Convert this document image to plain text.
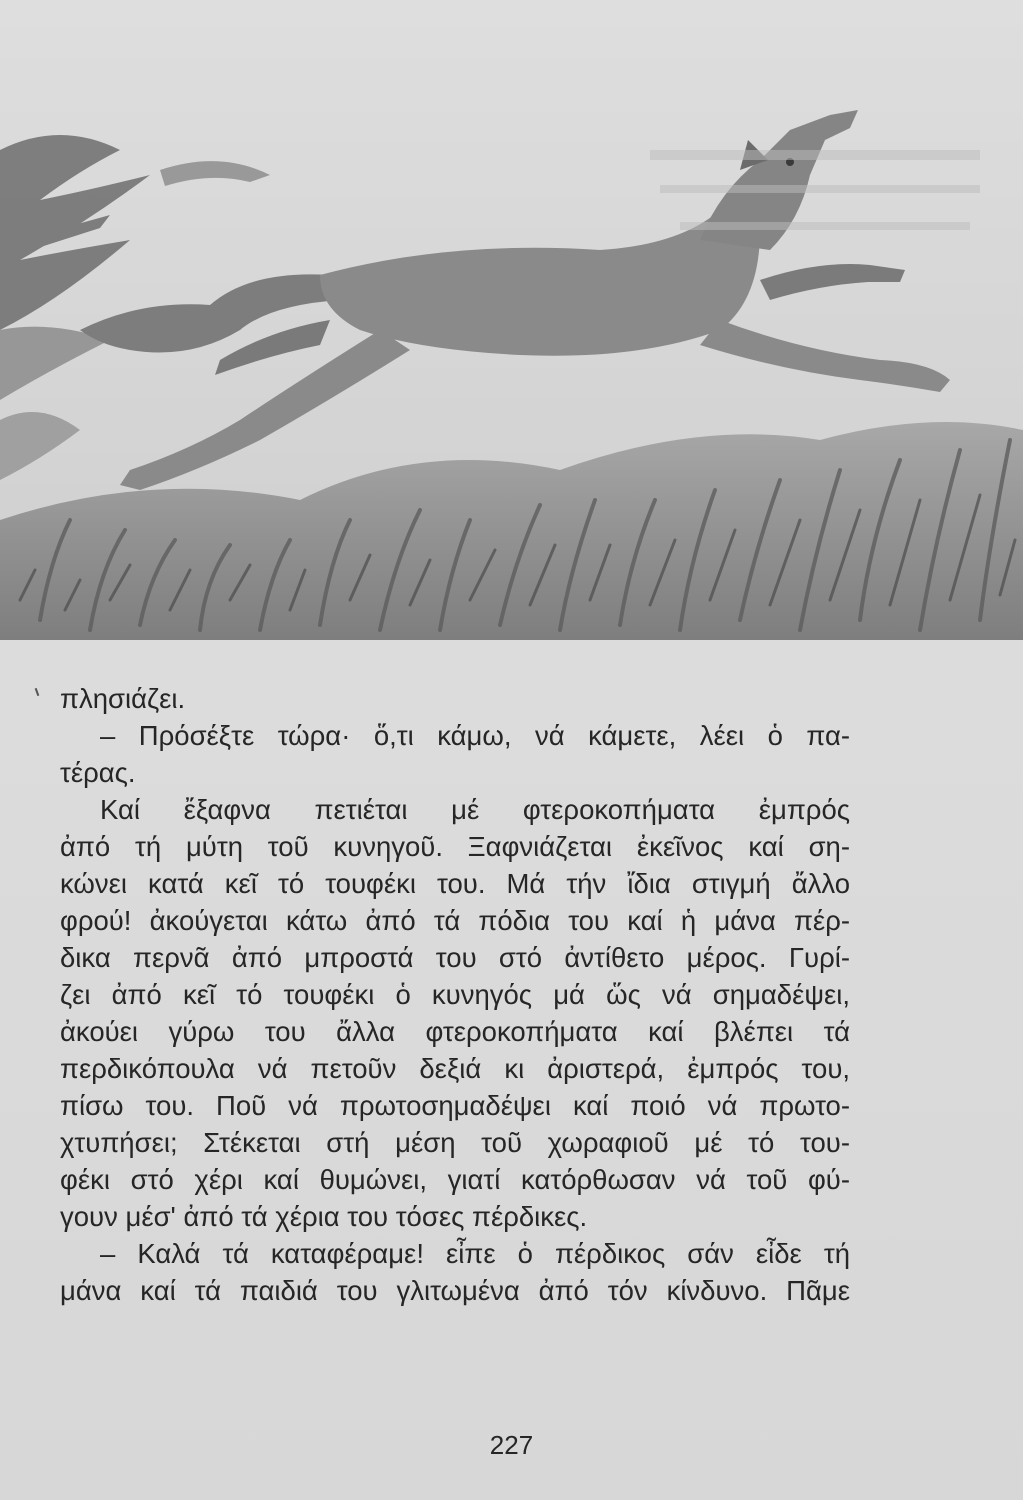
πλησιάζει.
– Πρόσέξτε τώρα· ὅ,τι κάμω, νά κάμετε, λέει ὁ πα-
τέρας.
Καί ἔξαφνα πετιέται μέ φτεροκοπήματα ἐμπρός
ἀπό τή μύτη τοῦ κυνηγοῦ. Ξαφνιάζεται ἐκεῖνος καί ση-
κώνει κατά κεῖ τό τουφέκι του. Μά τήν ἴδια στιγμή ἄλλο
φρού! ἀκούγεται κάτω ἀπό τά πόδια του καί ἡ μάνα πέρ-
δικα περνᾶ ἀπό μπροστά του στό ἀντίθετο μέρος. Γυρί-
ζει ἀπό κεῖ τό τουφέκι ὁ κυνηγός μά ὥς νά σημαδέψει,
ἀκούει γύρω του ἄλλα φτεροκοπήματα καί βλέπει τά
περδικόπουλα νά πετοῦν δεξιά κι ἀριστερά, ἐμπρός του,
πίσω του. Ποῦ νά πρωτοσημαδέψει καί ποιό νά πρωτο-
χτυπήσει; Στέκεται στή μέση τοῦ χωραφιοῦ μέ τό του-
φέκι στό χέρι καί θυμώνει, γιατί κατόρθωσαν νά τοῦ φύ-
γουν μέσ' ἀπό τά χέρια του τόσες πέρδικες.
– Καλά τά καταφέραμε! εἶπε ὁ πέρδικος σάν εἶδε τή
μάνα καί τά παιδιά του γλιτωμένα ἀπό τόν κίνδυνο. Πᾶμε
227
